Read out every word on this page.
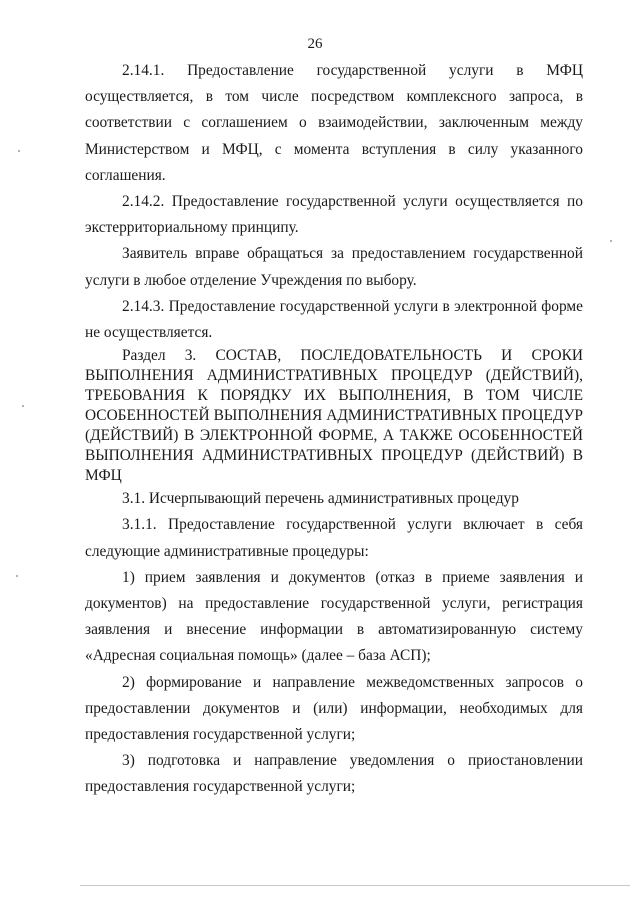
26

2.14.1. Предоставление государственной услуги в МФЦ осуществляется, в том числе посредством комплексного запроса, в соответствии с соглашением о взаимодействии, заключенным между Министерством и МФЦ, с момента вступления в силу указанного соглашения.

2.14.2. Предоставление государственной услуги осуществляется по экстерриториальному принципу.

Заявитель вправе обращаться за предоставлением государственной услуги в любое отделение Учреждения по выбору.

2.14.3. Предоставление государственной услуги в электронной форме не осуществляется.

Раздел 3. СОСТАВ, ПОСЛЕДОВАТЕЛЬНОСТЬ И СРОКИ ВЫПОЛНЕНИЯ АДМИНИСТРАТИВНЫХ ПРОЦЕДУР (ДЕЙСТВИЙ), ТРЕБОВАНИЯ К ПОРЯДКУ ИХ ВЫПОЛНЕНИЯ, В ТОМ ЧИСЛЕ ОСОБЕННОСТЕЙ ВЫПОЛНЕНИЯ АДМИНИСТРАТИВНЫХ ПРОЦЕДУР (ДЕЙСТВИЙ) В ЭЛЕКТРОННОЙ ФОРМЕ, А ТАКЖЕ ОСОБЕННОСТЕЙ ВЫПОЛНЕНИЯ АДМИНИСТРАТИВНЫХ ПРОЦЕДУР (ДЕЙСТВИЙ) В МФЦ

3.1. Исчерпывающий перечень административных процедур

3.1.1. Предоставление государственной услуги включает в себя следующие административные процедуры:

1) прием заявления и документов (отказ в приеме заявления и документов) на предоставление государственной услуги, регистрация заявления и внесение информации в автоматизированную систему «Адресная социальная помощь» (далее – база АСП);

2) формирование и направление межведомственных запросов о предоставлении документов и (или) информации, необходимых для предоставления государственной услуги;

3) подготовка и направление уведомления о приостановлении предоставления государственной услуги;
